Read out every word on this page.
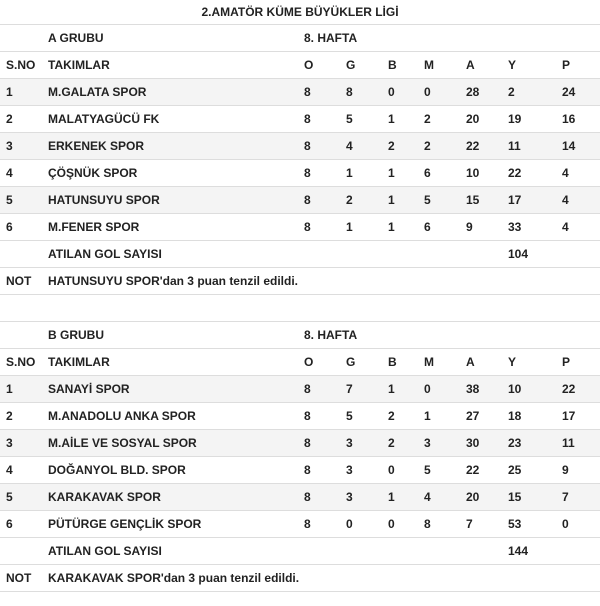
2.AMATÖR KÜME BÜYÜKLER LİGİ
	A GRUBU	8. HAFTA						
S.NO	TAKIMLAR	O	G	B	M	A	Y	P
1	M.GALATA SPOR	8	8	0	0	28	2	24
2	MALATYAGÜCÜ FK	8	5	1	2	20	19	16
3	ERKENEK SPOR	8	4	2	2	22	11	14
4	ÇÖŞNÜK SPOR	8	1	1	6	10	22	4
5	HATUNSUYU SPOR	8	2	1	5	15	17	4
6	M.FENER SPOR	8	1	1	6	9	33	4
	ATILAN GOL SAYISI						104	
NOT	HATUNSUYU SPOR'dan 3 puan tenzil edildi.							

	B GRUBU	8. HAFTA						
S.NO	TAKIMLAR	O	G	B	M	A	Y	P
1	SANAYİ SPOR	8	7	1	0	38	10	22
2	M.ANADOLU ANKA SPOR	8	5	2	1	27	18	17
3	M.AİLE VE SOSYAL SPOR	8	3	2	3	30	23	11
4	DOĞANYOL BLD. SPOR	8	3	0	5	22	25	9
5	KARAKAVAK SPOR	8	3	1	4	20	15	7
6	PÜTÜRGE GENÇLİK SPOR	8	0	0	8	7	53	0
	ATILAN GOL SAYISI						144	
NOT	KARAKAVAK SPOR'dan 3 puan tenzil edildi.							
